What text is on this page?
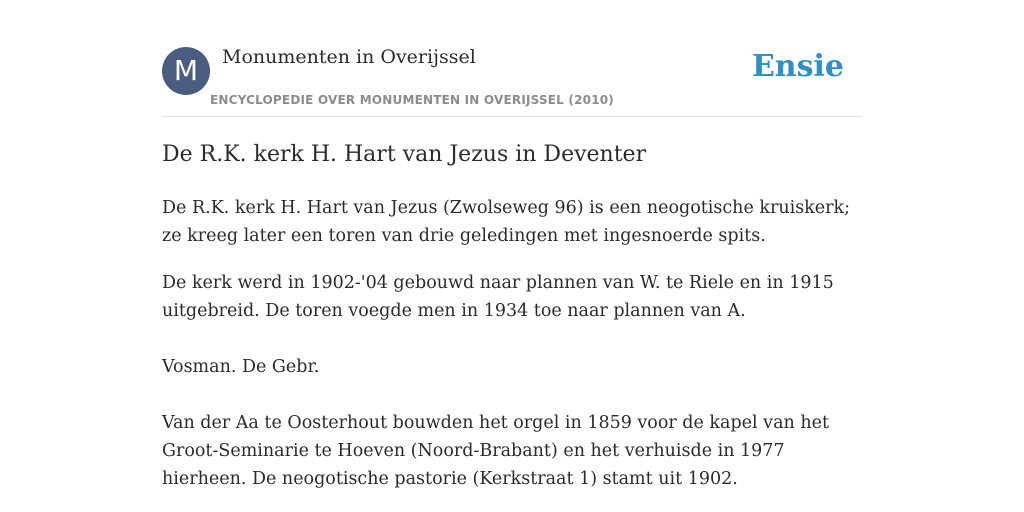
M	Monumenten in Overijssel
ENCYCLOPEDIE OVER MONUMENTEN IN OVERIJSSEL (2010)
Ensie
De R.K. kerk H. Hart van Jezus in Deventer

De R.K. kerk H. Hart van Jezus (Zwolseweg 96) is een neogotische kruiskerk; ze kreeg later een toren van drie geledingen met ingesnoerde spits.

De kerk werd in 1902-'04 gebouwd naar plannen van W. te Riele en in 1915 uitgebreid. De toren voegde men in 1934 toe naar plannen van A.

Vosman. De Gebr.

Van der Aa te Oosterhout bouwden het orgel in 1859 voor de kapel van het Groot-Seminarie te Hoeven (Noord-Brabant) en het verhuisde in 1977 hierheen. De neogotische pastorie (Kerkstraat 1) stamt uit 1902.
